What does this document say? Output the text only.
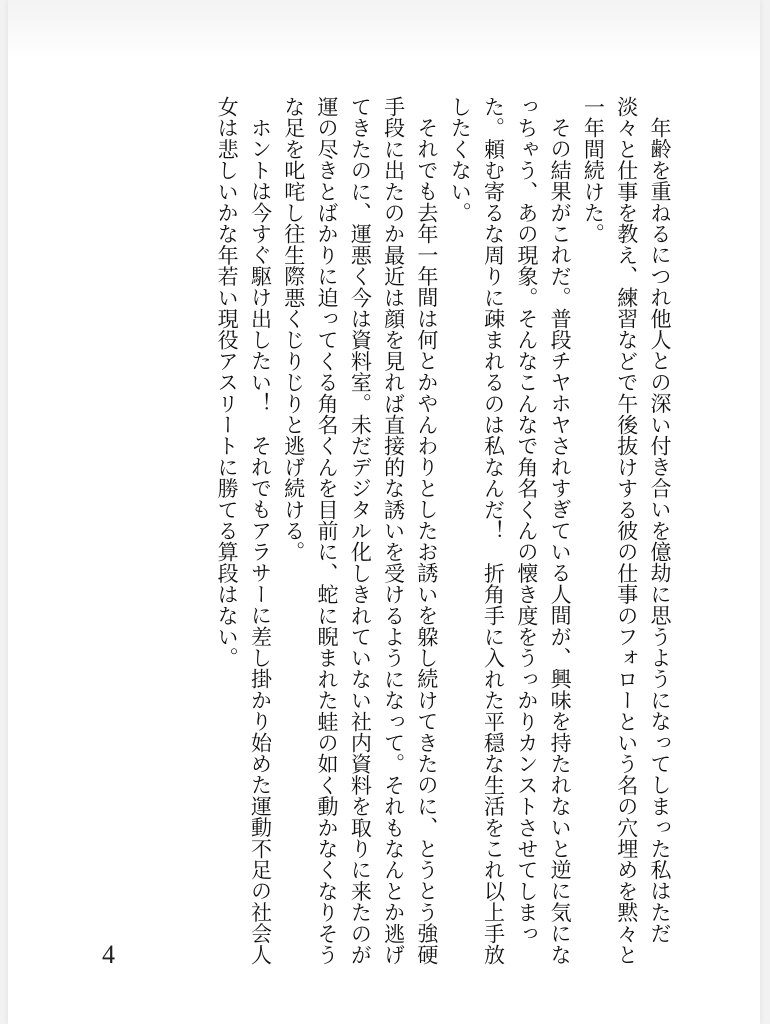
年齢を重ねるにつれ他人との深い付き合いを億劫に思うようになってしまった私はただ淡々と仕事を教え、練習などで午後抜けする彼の仕事のフォローという名の穴埋めを黙々と一年間続けた。

その結果がこれだ。普段チヤホヤされすぎている人間が、興味を持たれないと逆に気になっちゃう、あの現象。そんなこんなで角名くんの懐き度をうっかりカンストさせてしまった。頼む寄るな周りに疎まれるのは私なんだ！　折角手に入れた平穏な生活をこれ以上手放したくない。

それでも去年一年間は何とかやんわりとしたお誘いを躱し続けてきたのに、とうとう強硬手段に出たのか最近は顔を見れば直接的な誘いを受けるようになって。それもなんとか逃げてきたのに、運悪く今は資料室。未だデジタル化しきれていない社内資料を取りに来たのが運の尽きとばかりに迫ってくる角名くんを目前に、蛇に睨まれた蛙の如く動かなくなりそうな足を叱咤し往生際悪くじりじりと逃げ続ける。

ホントは今すぐ駆け出したい！　それでもアラサーに差し掛かり始めた運動不足の社会人女は悲しいかな年若い現役アスリートに勝てる算段はない。

4
